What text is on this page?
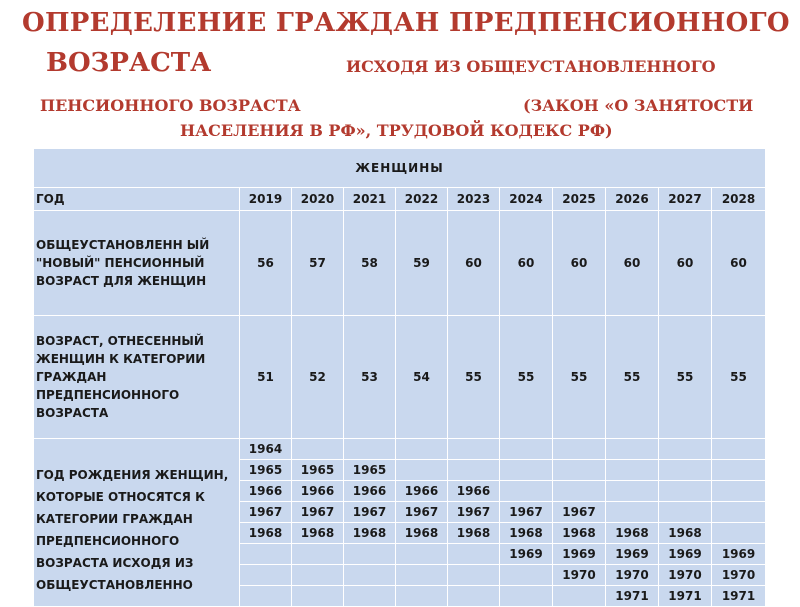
ОПРЕДЕЛЕНИЕ ГРАЖДАН ПРЕДПЕНСИОННОГО
ВОЗРАСТА	ИСХОДЯ ИЗ ОБЩЕУСТАНОВЛЕННОГО
ПЕНСИОННОГО ВОЗРАСТА	(ЗАКОН «О ЗАНЯТОСТИ
НАСЕЛЕНИЯ В РФ», ТРУДОВОЙ КОДЕКС РФ)
ЖЕНЩИНЫ										
ГОД	2019	2020	2021	2022	2023	2024	2025	2026	2027	2028
ОБЩЕУСТАНОВЛЕНН ЫЙ "НОВЫЙ" ПЕНСИОННЫЙ ВОЗРАСТ ДЛЯ ЖЕНЩИН	56	57	58	59	60	60	60	60	60	60
ВОЗРАСТ, ОТНЕСЕННЫЙ ЖЕНЩИН К КАТЕГОРИИ ГРАЖДАН ПРЕДПЕНСИОННОГО ВОЗРАСТА	51	52	53	54	55	55	55	55	55	55
ГОД РОЖДЕНИЯ ЖЕНЩИН, КОТОРЫЕ ОТНОСЯТСЯ К КАТЕГОРИИ ГРАЖДАН ПРЕДПЕНСИОННОГО ВОЗРАСТА ИСХОДЯ ИЗ ОБЩЕУСТАНОВЛЕННО	1964									
	1965	1965	1965							
	1966	1966	1966	1966	1966					
	1967	1967	1967	1967	1967	1967	1967			
	1968	1968	1968	1968	1968	1968	1968	1968	1968	
						1969	1969	1969	1969	1969
							1970	1970	1970	1970
								1971	1971	1971
